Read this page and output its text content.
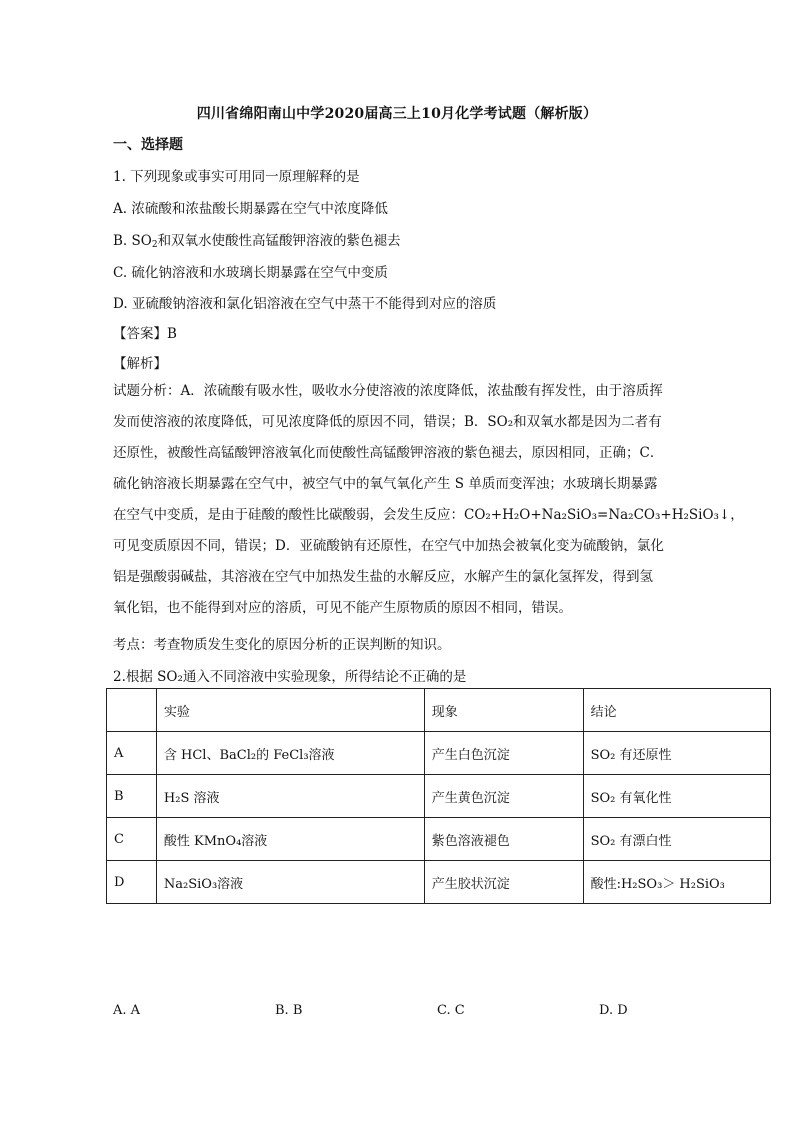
四川省绵阳南山中学2020届高三上10月化学考试题（解析版）
一、选择题
1. 下列现象或事实可用同一原理解释的是
A. 浓硫酸和浓盐酸长期暴露在空气中浓度降低
B. $SO_2$和双氧水使酸性高锰酸钾溶液的紫色褪去
C. 硫化钠溶液和水玻璃长期暴露在空气中变质
D. 亚硫酸钠溶液和氯化铝溶液在空气中蒸干不能得到对应的溶质
【答案】B
【解析】
试题分析：A．浓硫酸有吸水性，吸收水分使溶液的浓度降低，浓盐酸有挥发性，由于溶质挥
发而使溶液的浓度降低，可见浓度降低的原因不同，错误；B．SO₂和双氧水都是因为二者有
还原性，被酸性高锰酸钾溶液氧化而使酸性高锰酸钾溶液的紫色褪去，原因相同，正确；C．
硫化钠溶液长期暴露在空气中，被空气中的氧气氧化产生 S 单质而变浑浊；水玻璃长期暴露
在空气中变质，是由于硅酸的酸性比碳酸弱，会发生反应：CO₂+H₂O+Na₂SiO₃=Na₂CO₃+H₂SiO₃↓，
可见变质原因不同，错误；D．亚硫酸钠有还原性，在空气中加热会被氧化变为硫酸钠，氯化
铝是强酸弱碱盐，其溶液在空气中加热发生盐的水解反应，水解产生的氯化氢挥发，得到氢
氧化铝，也不能得到对应的溶质，可见不能产生原物质的原因不相同，错误。
考点：考查物质发生变化的原因分析的正误判断的知识。
2.根据 SO₂通入不同溶液中实验现象，所得结论不正确的是
	实验	现象	结论
A	含 HCl、BaCl₂的 FeCl₃溶液	产生白色沉淀	SO₂ 有还原性
B	H₂S 溶液	产生黄色沉淀	SO₂ 有氧化性
C	酸性 KMnO₄溶液	紫色溶液褪色	SO₂ 有漂白性
D	Na₂SiO₃溶液	产生胶状沉淀	酸性:H₂SO₃＞ H₂SiO₃
A. A	B. B	C. C	D. D
